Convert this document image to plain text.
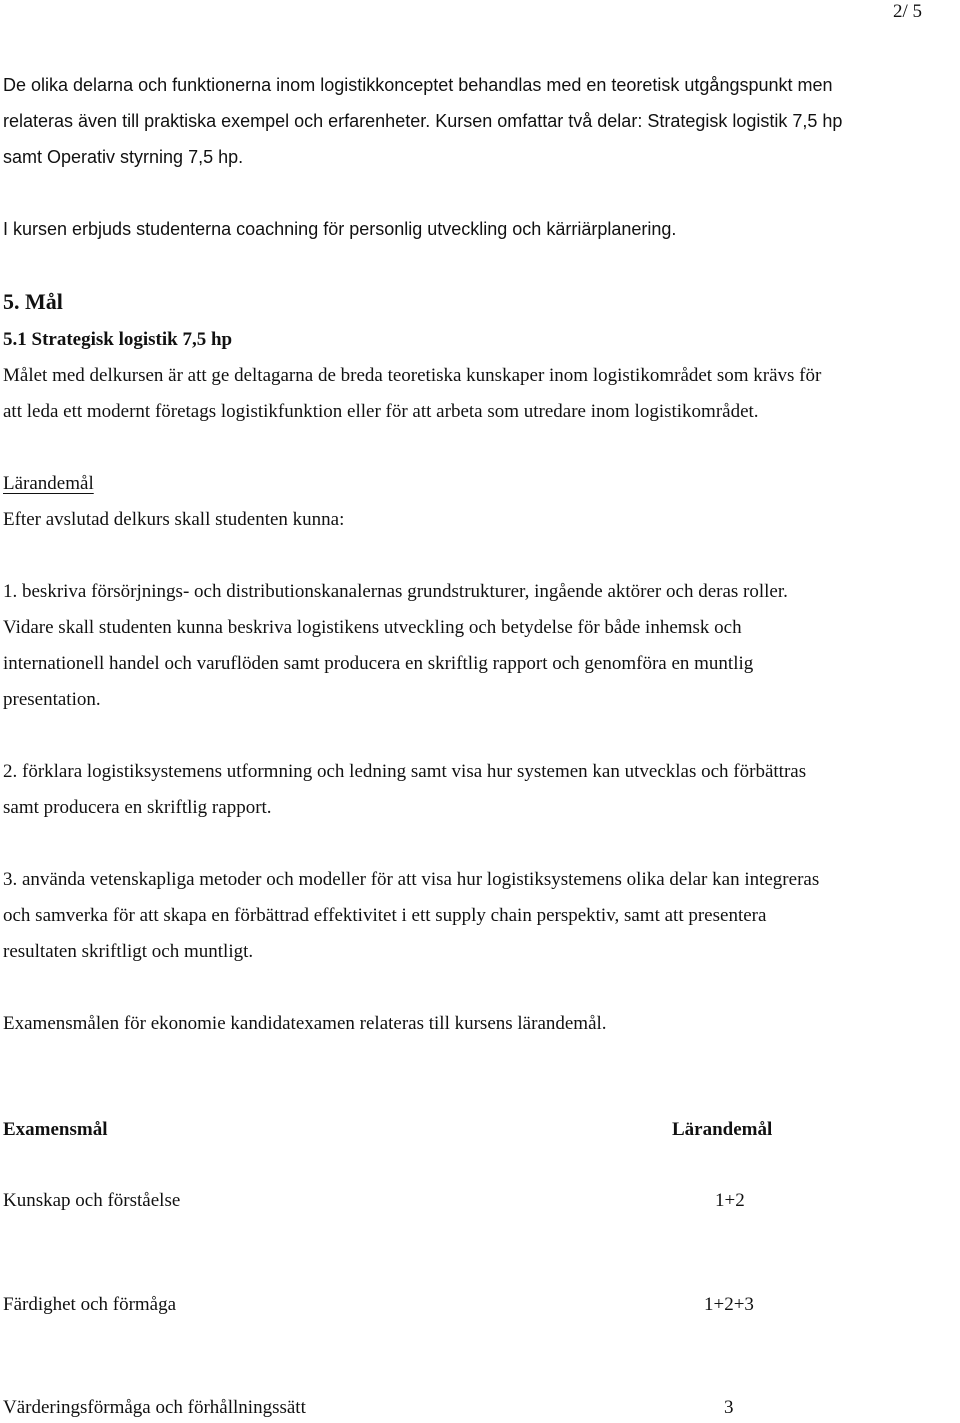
2/ 5
De olika delarna och funktionerna inom logistikkonceptet behandlas med en teoretisk utgångspunkt men
relateras även till praktiska exempel och erfarenheter. Kursen omfattar två delar: Strategisk logistik 7,5 hp
samt Operativ styrning 7,5 hp.
I kursen erbjuds studenterna coachning för personlig utveckling och kärriärplanering.
5. Mål
5.1 Strategisk logistik 7,5 hp
Målet med delkursen är att ge deltagarna de breda teoretiska kunskaper inom logistikområdet som krävs för
att leda ett modernt företags logistikfunktion eller för att arbeta som utredare inom logistikområdet.
Lärandemål
Efter avslutad delkurs skall studenten kunna:
1. beskriva försörjnings- och distributionskanalernas grundstrukturer, ingående aktörer och deras roller.
Vidare skall studenten kunna beskriva logistikens utveckling och betydelse för både inhemsk och
internationell handel och varuflöden samt producera en skriftlig rapport och genomföra en muntlig
presentation.
2. förklara logistiksystemens utformning och ledning samt visa hur systemen kan utvecklas och förbättras
samt producera en skriftlig rapport.
3. använda vetenskapliga metoder och modeller för att visa hur logistiksystemens olika delar kan integreras
och samverka för att skapa en förbättrad effektivitet i ett supply chain perspektiv, samt att presentera
resultaten skriftligt och muntligt.
Examensmålen för ekonomie kandidatexamen relateras till kursens lärandemål.
Examensmål	Lärandemål
Kunskap och förståelse	1+2
Färdighet och förmåga	1+2+3
Värderingsförmåga och förhållningssätt	3
